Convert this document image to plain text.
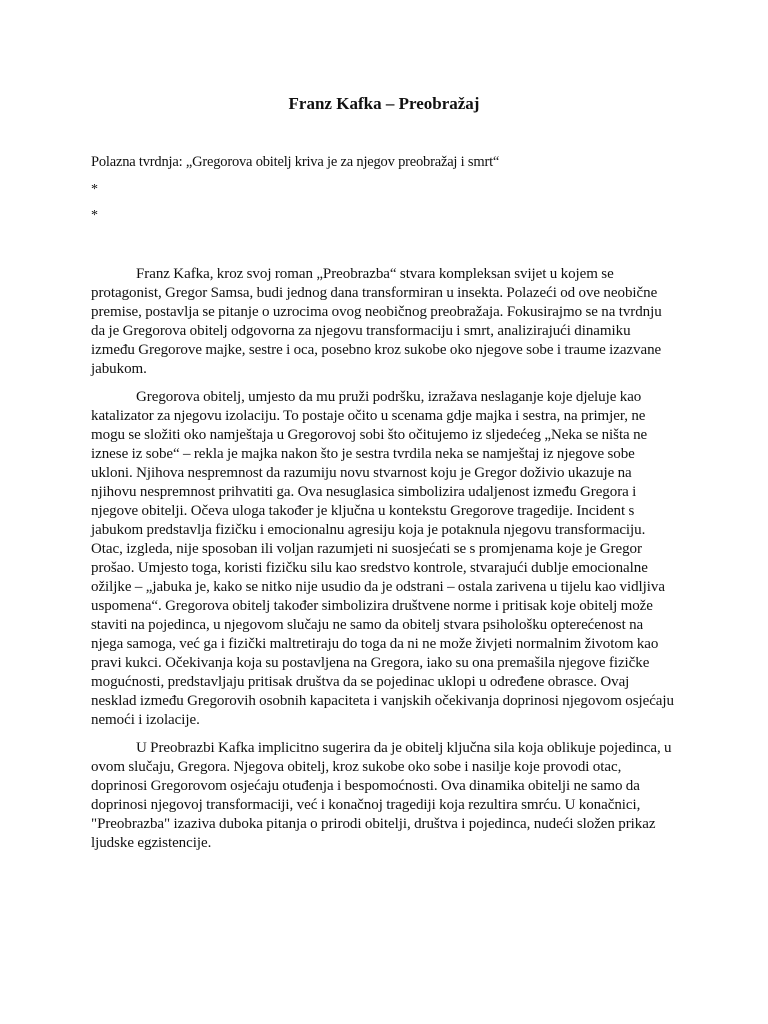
Franz Kafka – Preobražaj

Polazna tvrdnja: „Gregorova obitelj kriva je za njegov preobražaj i smrt“

*

*

Franz Kafka, kroz svoj roman „Preobrazba“ stvara kompleksan svijet u kojem se protagonist, Gregor Samsa, budi jednog dana transformiran u insekta. Polazeći od ove neobične premise, postavlja se pitanje o uzrocima ovog neobičnog preobražaja. Fokusirajmo se na tvrdnju da je Gregorova obitelj odgovorna za njegovu transformaciju i smrt, analizirajući dinamiku između Gregorove majke, sestre i oca, posebno kroz sukobe oko njegove sobe i traume izazvane jabukom.

Gregorova obitelj, umjesto da mu pruži podršku, izražava neslaganje koje djeluje kao katalizator za njegovu izolaciju. To postaje očito u scenama gdje majka i sestra, na primjer, ne mogu se složiti oko namještaja u Gregorovoj sobi što očitujemo iz sljedećeg „Neka se ništa ne iznese iz sobe“ – rekla je majka nakon što je sestra tvrdila neka se namještaj iz njegove sobe ukloni. Njihova nespremnost da razumiju novu stvarnost koju je Gregor doživio ukazuje na njihovu nespremnost prihvatiti ga. Ova nesuglasica simbolizira udaljenost između Gregora i njegove obitelji. Očeva uloga također je ključna u kontekstu Gregorove tragedije. Incident s jabukom predstavlja fizičku i emocionalnu agresiju koja je potaknula njegovu transformaciju. Otac, izgleda, nije sposoban ili voljan razumjeti ni suosjećati se s promjenama koje je Gregor prošao. Umjesto toga, koristi fizičku silu kao sredstvo kontrole, stvarajući dublje emocionalne ožiljke – „jabuka je, kako se nitko nije usudio da je odstrani – ostala zarivena u tijelu kao vidljiva uspomena“. Gregorova obitelj također simbolizira društvene norme i pritisak koje obitelj može staviti na pojedinca, u njegovom slučaju ne samo da obitelj stvara psihološku opterećenost na njega samoga, već ga i fizički maltretiraju do toga da ni ne može živjeti normalnim životom kao pravi kukci. Očekivanja koja su postavljena na Gregora, iako su ona premašila njegove fizičke mogućnosti, predstavljaju pritisak društva da se pojedinac uklopi u određene obrasce. Ovaj nesklad između Gregorovih osobnih kapaciteta i vanjskih očekivanja doprinosi njegovom osjećaju nemoći i izolacije.

U Preobrazbi Kafka implicitno sugerira da je obitelj ključna sila koja oblikuje pojedinca, u ovom slučaju, Gregora. Njegova obitelj, kroz sukobe oko sobe i nasilje koje provodi otac, doprinosi Gregorovom osjećaju otuđenja i bespomoćnosti. Ova dinamika obitelji ne samo da doprinosi njegovoj transformaciji, već i konačnoj tragediji koja rezultira smrću. U konačnici, "Preobrazba" izaziva duboka pitanja o prirodi obitelji, društva i pojedinca, nudeći složen prikaz ljudske egzistencije.
